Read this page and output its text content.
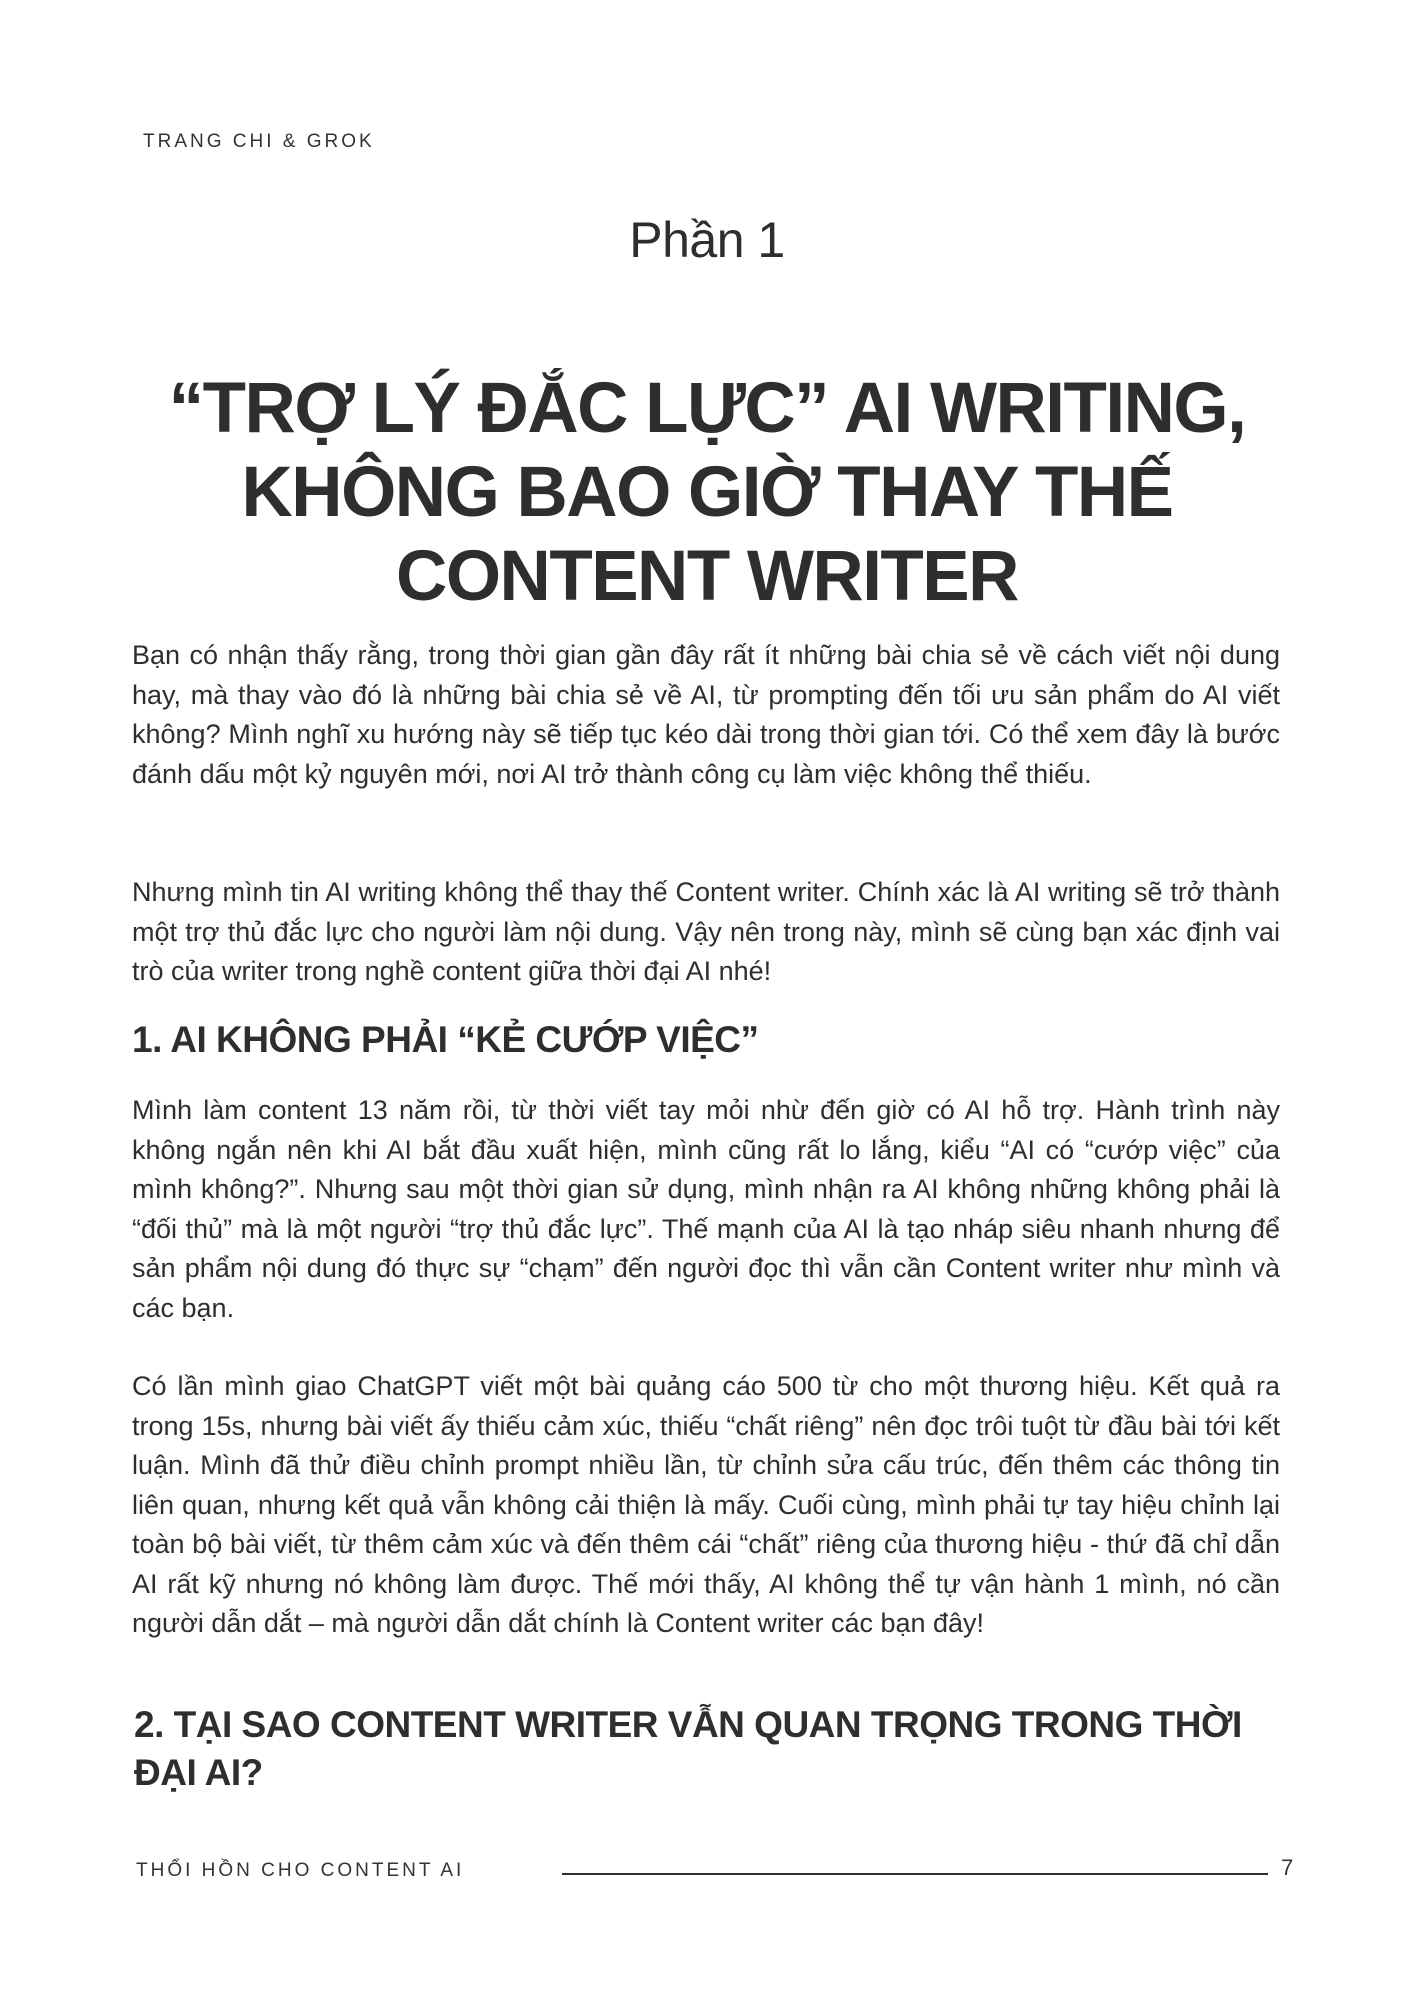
TRANG CHI & GROK
Phần 1
“TRỢ LÝ ĐẮC LỰC” AI WRITING,
KHÔNG BAO GIỜ THAY THẾ
CONTENT WRITER

Bạn có nhận thấy rằng, trong thời gian gần đây rất ít những bài chia sẻ về cách viết nội dung hay, mà thay vào đó là những bài chia sẻ về AI, từ prompting đến tối ưu sản phẩm do AI viết không? Mình nghĩ xu hướng này sẽ tiếp tục kéo dài trong thời gian tới. Có thể xem đây là bước đánh dấu một kỷ nguyên mới, nơi AI trở thành công cụ làm việc không thể thiếu.

Nhưng mình tin AI writing không thể thay thế Content writer. Chính xác là AI writing sẽ trở thành một trợ thủ đắc lực cho người làm nội dung. Vậy nên trong này, mình sẽ cùng bạn xác định vai trò của writer trong nghề content giữa thời đại AI nhé!

1. AI KHÔNG PHẢI “KẺ CƯỚP VIỆC”

Mình làm content 13 năm rồi, từ thời viết tay mỏi nhừ đến giờ có AI hỗ trợ. Hành trình này không ngắn nên khi AI bắt đầu xuất hiện, mình cũng rất lo lắng, kiểu “AI có “cướp việc” của mình không?”. Nhưng sau một thời gian sử dụng, mình nhận ra AI không những không phải là “đối thủ” mà là một người “trợ thủ đắc lực”. Thế mạnh của AI là tạo nháp siêu nhanh nhưng để sản phẩm nội dung đó thực sự “chạm” đến người đọc thì vẫn cần Content writer như mình và các bạn.

Có lần mình giao ChatGPT viết một bài quảng cáo 500 từ cho một thương hiệu. Kết quả ra trong 15s, nhưng bài viết ấy thiếu cảm xúc, thiếu “chất riêng” nên đọc trôi tuột từ đầu bài tới kết luận. Mình đã thử điều chỉnh prompt nhiều lần, từ chỉnh sửa cấu trúc, đến thêm các thông tin liên quan, nhưng kết quả vẫn không cải thiện là mấy. Cuối cùng, mình phải tự tay hiệu chỉnh lại toàn bộ bài viết, từ thêm cảm xúc và đến thêm cái “chất” riêng của thương hiệu - thứ đã chỉ dẫn AI rất kỹ nhưng nó không làm được. Thế mới thấy, AI không thể tự vận hành 1 mình, nó cần người dẫn dắt – mà người dẫn dắt chính là Content writer các bạn đây!

2. TẠI SAO CONTENT WRITER VẪN QUAN TRỌNG TRONG THỜI ĐẠI AI?
THỔI HỒN CHO CONTENT AI	7
